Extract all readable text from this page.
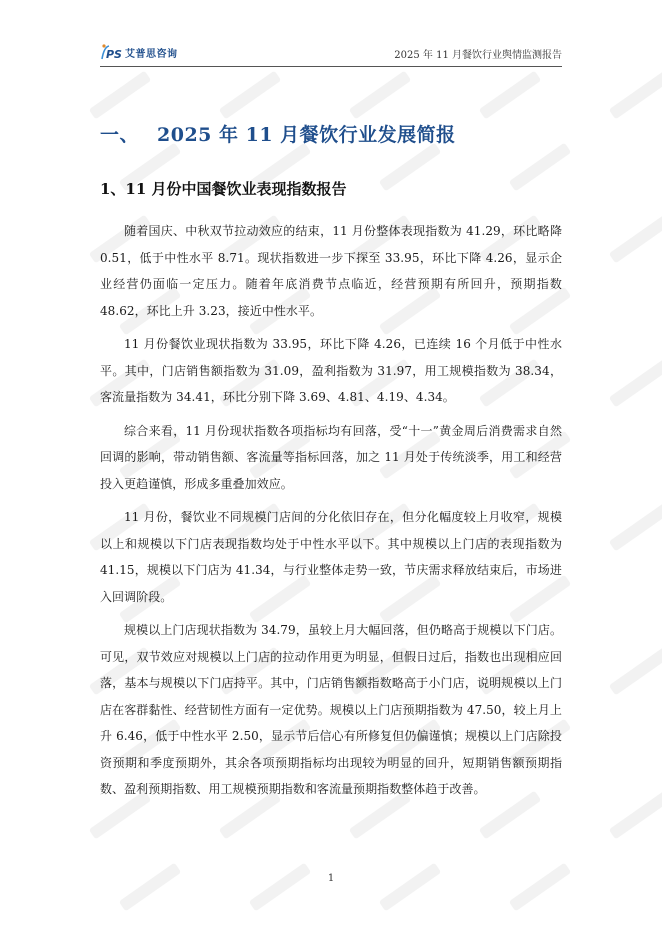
PS 艾普思咨询	2025 年 11 月餐饮行业舆情监测报告
一、 2025 年 11 月餐饮行业发展简报
1、11 月份中国餐饮业表现指数报告

随着国庆、中秋双节拉动效应的结束，11 月份整体表现指数为 41.29，环比略降 0.51，低于中性水平 8.71。现状指数进一步下探至 33.95，环比下降 4.26，显示企业经营仍面临一定压力。随着年底消费节点临近，经营预期有所回升，预期指数 48.62，环比上升 3.23，接近中性水平。

11 月份餐饮业现状指数为 33.95，环比下降 4.26，已连续 16 个月低于中性水平。其中，门店销售额指数为 31.09，盈利指数为 31.97，用工规模指数为 38.34，客流量指数为 34.41，环比分别下降 3.69、4.81、4.19、4.34。

综合来看，11 月份现状指数各项指标均有回落，受“十一”黄金周后消费需求自然回调的影响，带动销售额、客流量等指标回落，加之 11 月处于传统淡季，用工和经营投入更趋谨慎，形成多重叠加效应。

11 月份，餐饮业不同规模门店间的分化依旧存在，但分化幅度较上月收窄，规模以上和规模以下门店表现指数均处于中性水平以下。其中规模以上门店的表现指数为 41.15，规模以下门店为 41.34，与行业整体走势一致，节庆需求释放结束后，市场进入回调阶段。

规模以上门店现状指数为 34.79，虽较上月大幅回落，但仍略高于规模以下门店。可见，双节效应对规模以上门店的拉动作用更为明显，但假日过后，指数也出现相应回落，基本与规模以下门店持平。其中，门店销售额指数略高于小门店，说明规模以上门店在客群黏性、经营韧性方面有一定优势。规模以上门店预期指数为 47.50，较上月上升 6.46，低于中性水平 2.50，显示节后信心有所修复但仍偏谨慎；规模以上门店除投资预期和季度预期外，其余各项预期指标均出现较为明显的回升，短期销售额预期指数、盈利预期指数、用工规模预期指数和客流量预期指数整体趋于改善。

1
